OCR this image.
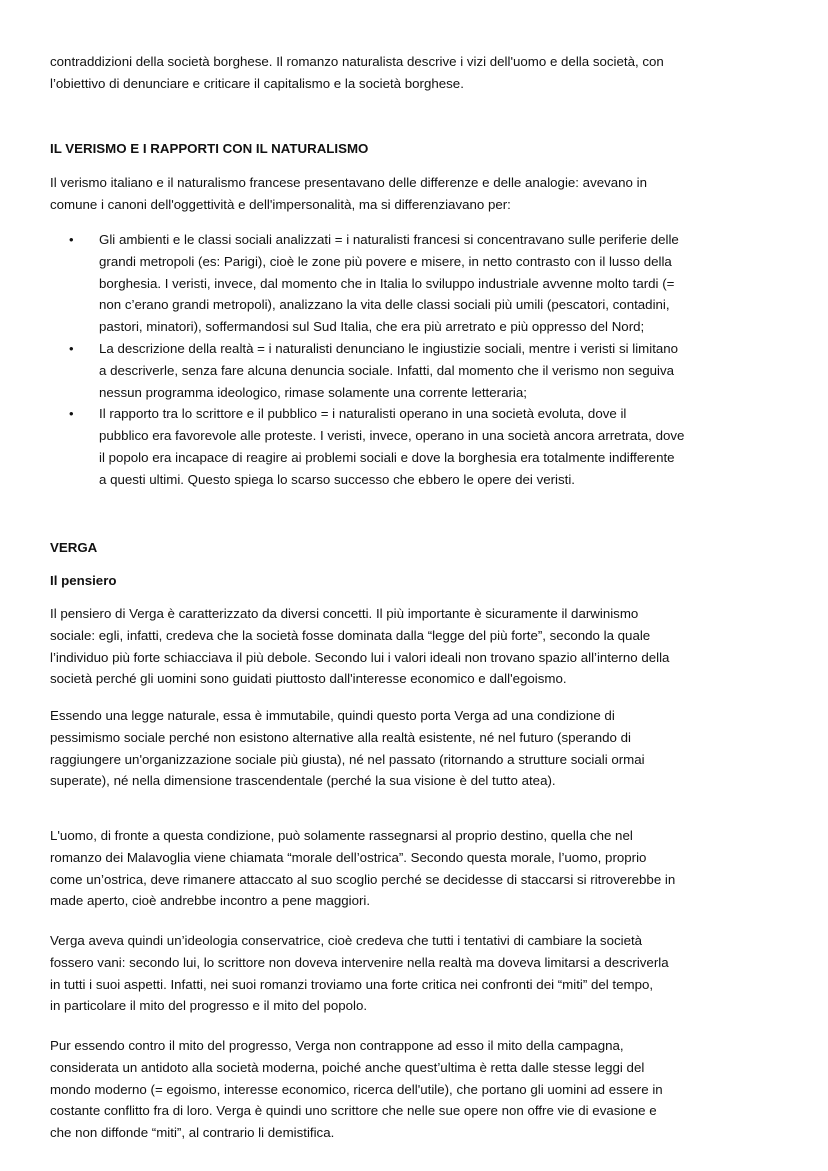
contraddizioni della società borghese. Il romanzo naturalista descrive i vizi dell'uomo e della società, con
l’obiettivo di denunciare e criticare il capitalismo e la società borghese.
IL VERISMO E I RAPPORTI CON IL NATURALISMO
Il verismo italiano e il naturalismo francese presentavano delle differenze e delle analogie: avevano in
comune i canoni dell'oggettività e dell'impersonalità, ma si differenziavano per:
• Gli ambienti e le classi sociali analizzati = i naturalisti francesi si concentravano sulle periferie delle
grandi metropoli (es: Parigi), cioè le zone più povere e misere, in netto contrasto con il lusso della
borghesia. I veristi, invece, dal momento che in Italia lo sviluppo industriale avvenne molto tardi (=
non c’erano grandi metropoli), analizzano la vita delle classi sociali più umili (pescatori, contadini,
pastori, minatori), soffermandosi sul Sud Italia, che era più arretrato e più oppresso del Nord;
• La descrizione della realtà = i naturalisti denunciano le ingiustizie sociali, mentre i veristi si limitano
a descriverle, senza fare alcuna denuncia sociale. Infatti, dal momento che il verismo non seguiva
nessun programma ideologico, rimase solamente una corrente letteraria;
• Il rapporto tra lo scrittore e il pubblico = i naturalisti operano in una società evoluta, dove il
pubblico era favorevole alle proteste. I veristi, invece, operano in una società ancora arretrata, dove
il popolo era incapace di reagire ai problemi sociali e dove la borghesia era totalmente indifferente
a questi ultimi. Questo spiega lo scarso successo che ebbero le opere dei veristi.
VERGA
Il pensiero
Il pensiero di Verga è caratterizzato da diversi concetti. Il più importante è sicuramente il darwinismo
sociale: egli, infatti, credeva che la società fosse dominata dalla “legge del più forte”, secondo la quale
l’individuo più forte schiacciava il più debole. Secondo lui i valori ideali non trovano spazio all’interno della
società perché gli uomini sono guidati piuttosto dall'interesse economico e dall'egoismo.
Essendo una legge naturale, essa è immutabile, quindi questo porta Verga ad una condizione di
pessimismo sociale perché non esistono alternative alla realtà esistente, né nel futuro (sperando di
raggiungere un'organizzazione sociale più giusta), né nel passato (ritornando a strutture sociali ormai
superate), né nella dimensione trascendentale (perché la sua visione è del tutto atea).
L'uomo, di fronte a questa condizione, può solamente rassegnarsi al proprio destino, quella che nel
romanzo dei Malavoglia viene chiamata “morale dell’ostrica”. Secondo questa morale, l’uomo, proprio
come un’ostrica, deve rimanere attaccato al suo scoglio perché se decidesse di staccarsi si ritroverebbe in
made aperto, cioè andrebbe incontro a pene maggiori.
Verga aveva quindi un’ideologia conservatrice, cioè credeva che tutti i tentativi di cambiare la società
fossero vani: secondo lui, lo scrittore non doveva intervenire nella realtà ma doveva limitarsi a descriverla
in tutti i suoi aspetti. Infatti, nei suoi romanzi troviamo una forte critica nei confronti dei “miti” del tempo,
in particolare il mito del progresso e il mito del popolo.
Pur essendo contro il mito del progresso, Verga non contrappone ad esso il mito della campagna,
considerata un antidoto alla società moderna, poiché anche quest’ultima è retta dalle stesse leggi del
mondo moderno (= egoismo, interesse economico, ricerca dell'utile), che portano gli uomini ad essere in
costante conflitto fra di loro. Verga è quindi uno scrittore che nelle sue opere non offre vie di evasione e
che non diffonde “miti”, al contrario li demistifica.
